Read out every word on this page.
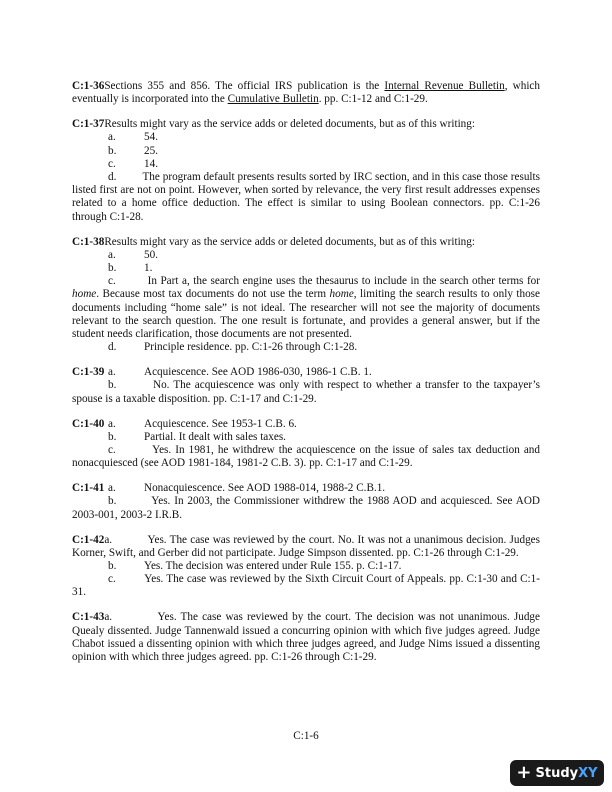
C:1-36Sections 355 and 856. The official IRS publication is the Internal Revenue Bulletin, which eventually is incorporated into the Cumulative Bulletin. pp. C:1-12 and C:1-29.
C:1-37Results might vary as the service adds or deleted documents, but as of this writing:
a.	54.
b.	25.
c.	14.
d.         The program default presents results sorted by IRC section, and in this case those results listed first are not on point. However, when sorted by relevance, the very first result addresses expenses related to a home office deduction. The effect is similar to using Boolean connectors. pp. C:1-26 through C:1-28.
C:1-38Results might vary as the service adds or deleted documents, but as of this writing:
a.	50.
b.	1.
c.         In Part a, the search engine uses the thesaurus to include in the search other terms for home. Because most tax documents do not use the term home, limiting the search results to only those documents including “home sale” is not ideal. The researcher will not see the majority of documents relevant to the search question. The one result is fortunate, and provides a general answer, but if the student needs clarification, those documents are not presented.
d.	Principle residence. pp. C:1-26 through C:1-28.
C:1-39 a.	Acquiescence. See AOD 1986-030, 1986-1 C.B. 1.
b.         No. The acquiescence was only with respect to whether a transfer to the taxpayer’s spouse is a taxable disposition. pp. C:1-17 and C:1-29.
C:1-40 a.	Acquiescence. See 1953-1 C.B. 6.
b.	Partial. It dealt with sales taxes.
c.         Yes. In 1981, he withdrew the acquiescence on the issue of sales tax deduction and nonacquiesced (see AOD 1981-184, 1981-2 C.B. 3). pp. C:1-17 and C:1-29.
C:1-41 a.	Nonacquiescence. See AOD 1988-014, 1988-2 C.B.1.
b.         Yes. In 2003, the Commissioner withdrew the 1988 AOD and acquiesced. See AOD 2003-001, 2003-2 I.R.B.
C:1-42a.           Yes. The case was reviewed by the court. No. It was not a unanimous decision. Judges Korner, Swift, and Gerber did not participate. Judge Simpson dissented. pp. C:1-26 through C:1-29.
b.	Yes. The decision was entered under Rule 155. p. C:1-17.
c.         Yes. The case was reviewed by the Sixth Circuit Court of Appeals. pp. C:1-30 and C:1-31.
C:1-43a.           Yes. The case was reviewed by the court. The decision was not unanimous. Judge Quealy dissented. Judge Tannenwald issued a concurring opinion with which five judges agreed. Judge Chabot issued a dissenting opinion with which three judges agreed, and Judge Nims issued a dissenting opinion with which three judges agreed. pp. C:1-26 through C:1-29.
C:1-6
+ Study XY
